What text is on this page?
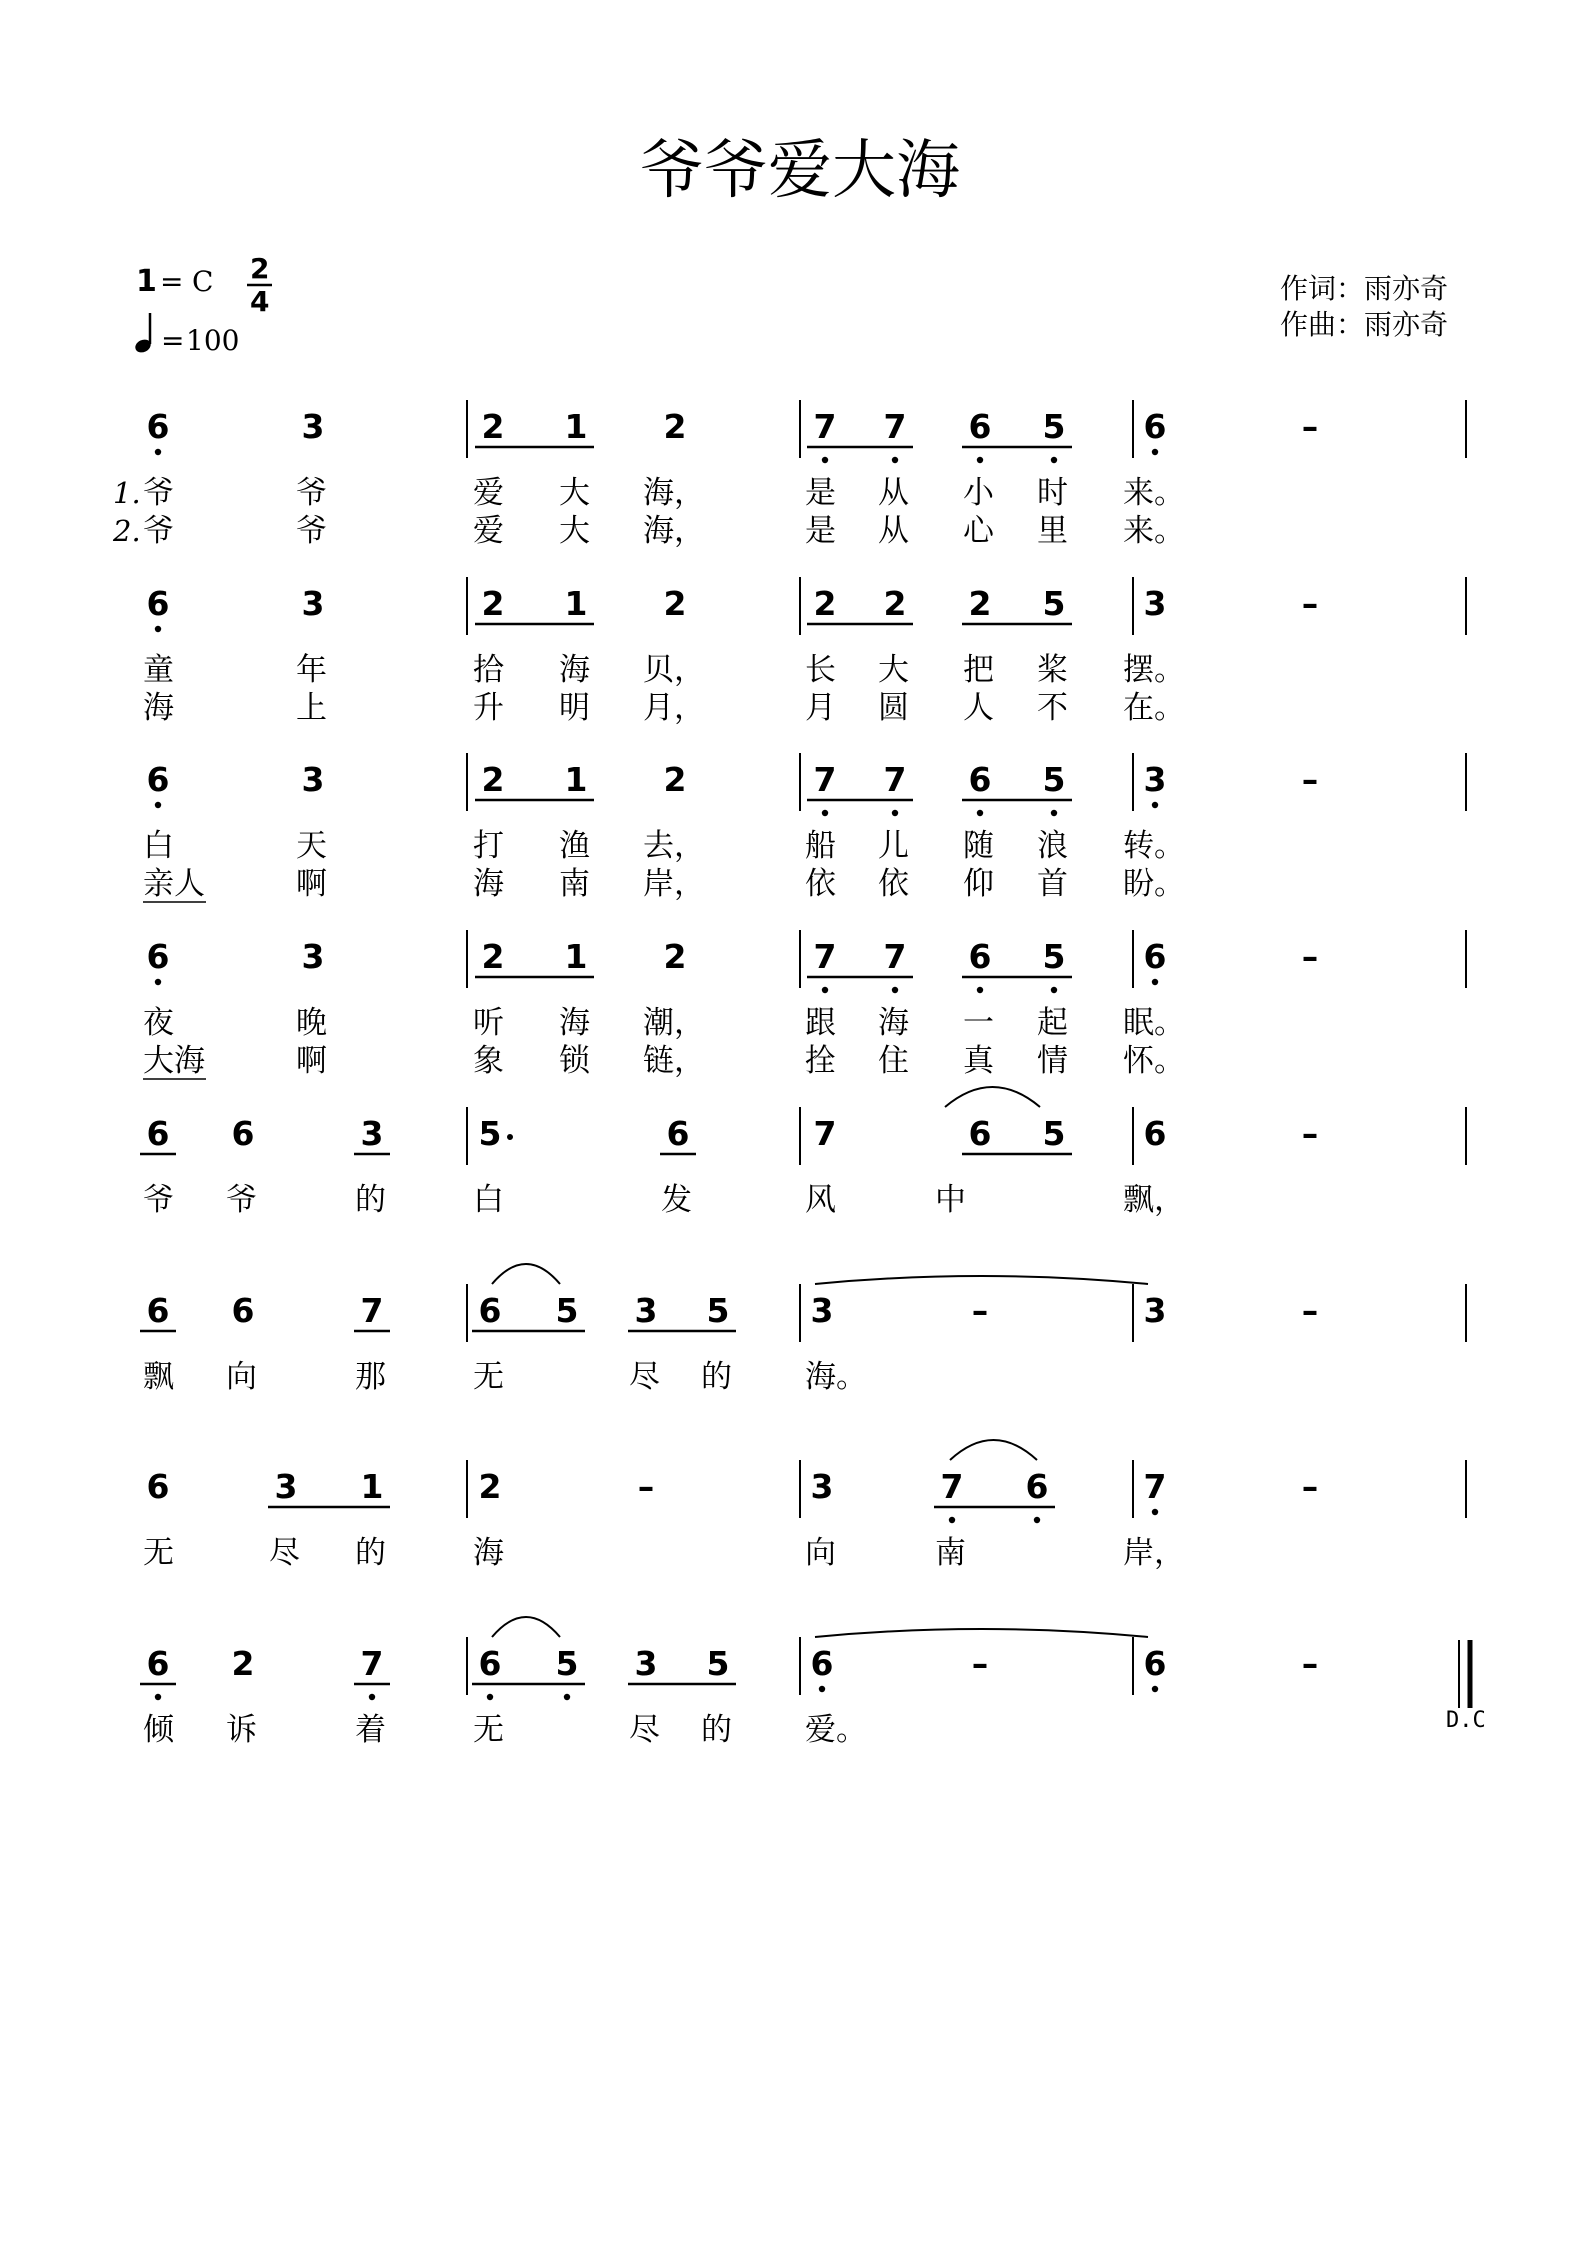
爷爷爱大海
1 = C 2
4
= 100
作词：雨亦奇
作曲：雨亦奇
6	3	2 1 2	7 7 6 5 6	–
1. 爷	爷	爱 大 海，	是 从 小 时 来。
2. 爷	爷	爱 大 海，	是 从 心 里 来。
6	3	2 1 2	2 2 2 5 3	–
童	年	拾 海 贝，	长 大 把 桨 摆。
海	上	升 明 月，	月 圆 人 不 在。
6	3	2 1 2	7 7 6 5 3	–
白	天	打 渔 去，	船 儿 随 浪 转。
亲人	啊	海 南 岸，	依 依 仰 首 盼。
6	3	2 1 2	7 7 6 5 6	–
夜	晚	听 海 潮，	跟 海 一 起 眠。
大海	啊	象 锁 链，	拴 住 真 情 怀。
6 6	3	5	6	7	6 5 6	–
爷 爷	的	白	发	风	中	飘，
6 6	7	6 5 3 5 3	–	3	–
飘 向	那	无	尽 的 海。
6	3 1	2	–	3	7 6	7	–
无	尽 的	海	向	南	岸，
6 2	7	6 5 3 5 6	–	6	–
倾 诉	着	无	尽 的 爱。	D.C
